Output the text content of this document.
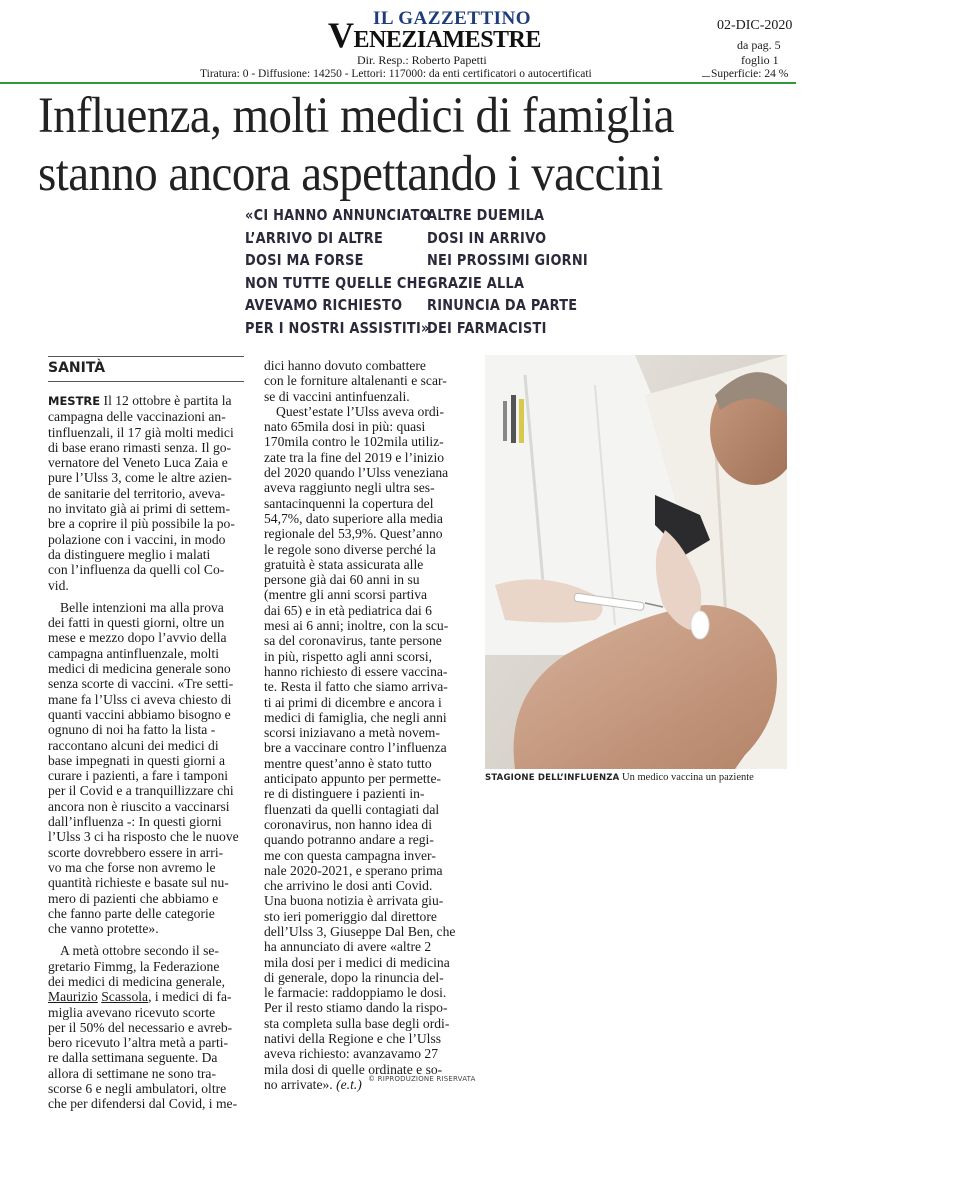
IL GAZZETTINO
VENEZIAMESTRE
Dir. Resp.: Roberto Papetti
Tiratura: 0 - Diffusione: 14250 - Lettori: 117000: da enti certificatori o autocertificati
02-DIC-2020
da pag. 5
foglio 1
Superficie: 24 %
Influenza, molti medici di famiglia
stanno ancora aspettando i vaccini
«CI HANNO ANNUNCIATO
L’ARRIVO DI ALTRE
DOSI MA FORSE
NON TUTTE QUELLE CHE
AVEVAMO RICHIESTO
PER I NOSTRI ASSISTITI»
ALTRE DUEMILA
DOSI IN ARRIVO
NEI PROSSIMI GIORNI
GRAZIE ALLA
RINUNCIA DA PARTE
DEI FARMACISTI
SANITÀ
MESTRE Il 12 ottobre è partita la
campagna delle vaccinazioni an-
tinfluenzali, il 17 già molti medici
di base erano rimasti senza. Il go-
vernatore del Veneto Luca Zaia e
pure l’Ulss 3, come le altre azien-
de sanitarie del territorio, aveva-
no invitato già ai primi di settem-
bre a coprire il più possibile la po-
polazione con i vaccini, in modo
da distinguere meglio i malati
con l’influenza da quelli col Co-
vid.
Belle intenzioni ma alla prova
dei fatti in questi giorni, oltre un
mese e mezzo dopo l’avvio della
campagna antinfluenzale, molti
medici di medicina generale sono
senza scorte di vaccini. «Tre setti-
mane fa l’Ulss ci aveva chiesto di
quanti vaccini abbiamo bisogno e
ognuno di noi ha fatto la lista -
raccontano alcuni dei medici di
base impegnati in questi giorni a
curare i pazienti, a fare i tamponi
per il Covid e a tranquillizzare chi
ancora non è riuscito a vaccinarsi
dall’influenza -: In questi giorni
l’Ulss 3 ci ha risposto che le nuove
scorte dovrebbero essere in arri-
vo ma che forse non avremo le
quantità richieste e basate sul nu-
mero di pazienti che abbiamo e
che fanno parte delle categorie
che vanno protette».
A metà ottobre secondo il se-
gretario Fimmg, la Federazione
dei medici di medicina generale,
Maurizio Scassola, i medici di fa-
miglia avevano ricevuto scorte
per il 50% del necessario e avreb-
bero ricevuto l’altra metà a parti-
re dalla settimana seguente. Da
allora di settimane ne sono tra-
scorse 6 e negli ambulatori, oltre
che per difendersi dal Covid, i me-
dici hanno dovuto combattere
con le forniture altalenanti e scar-
se di vaccini antinfuenzali.
Quest’estate l’Ulss aveva ordi-
nato 65mila dosi in più: quasi
170mila contro le 102mila utiliz-
zate tra la fine del 2019 e l’inizio
del 2020 quando l’Ulss veneziana
aveva raggiunto negli ultra ses-
santacinquenni la copertura del
54,7%, dato superiore alla media
regionale del 53,9%. Quest’anno
le regole sono diverse perché la
gratuità è stata assicurata alle
persone già dai 60 anni in su
(mentre gli anni scorsi partiva
dai 65) e in età pediatrica dai 6
mesi ai 6 anni; inoltre, con la scu-
sa del coronavirus, tante persone
in più, rispetto agli anni scorsi,
hanno richiesto di essere vaccina-
te. Resta il fatto che siamo arriva-
ti ai primi di dicembre e ancora i
medici di famiglia, che negli anni
scorsi iniziavano a metà novem-
bre a vaccinare contro l’influenza
mentre quest’anno è stato tutto
anticipato appunto per permette-
re di distinguere i pazienti in-
fluenzati da quelli contagiati dal
coronavirus, non hanno idea di
quando potranno andare a regi-
me con questa campagna inver-
nale 2020-2021, e sperano prima
che arrivino le dosi anti Covid.
Una buona notizia è arrivata giu-
sto ieri pomeriggio dal direttore
dell’Ulss 3, Giuseppe Dal Ben, che
ha annunciato di avere «altre 2
mila dosi per i medici di medicina
di generale, dopo la rinuncia del-
le farmacie: raddoppiamo le dosi.
Per il resto stiamo dando la rispo-
sta completa sulla base degli ordi-
nativi della Regione e che l’Ulss
aveva richiesto: avanzavamo 27
mila dosi di quelle ordinate e so-
no arrivate». (e.t.)
STAGIONE DELL’INFLUENZA Un medico vaccina un paziente
© RIPRODUZIONE RISERVATA
